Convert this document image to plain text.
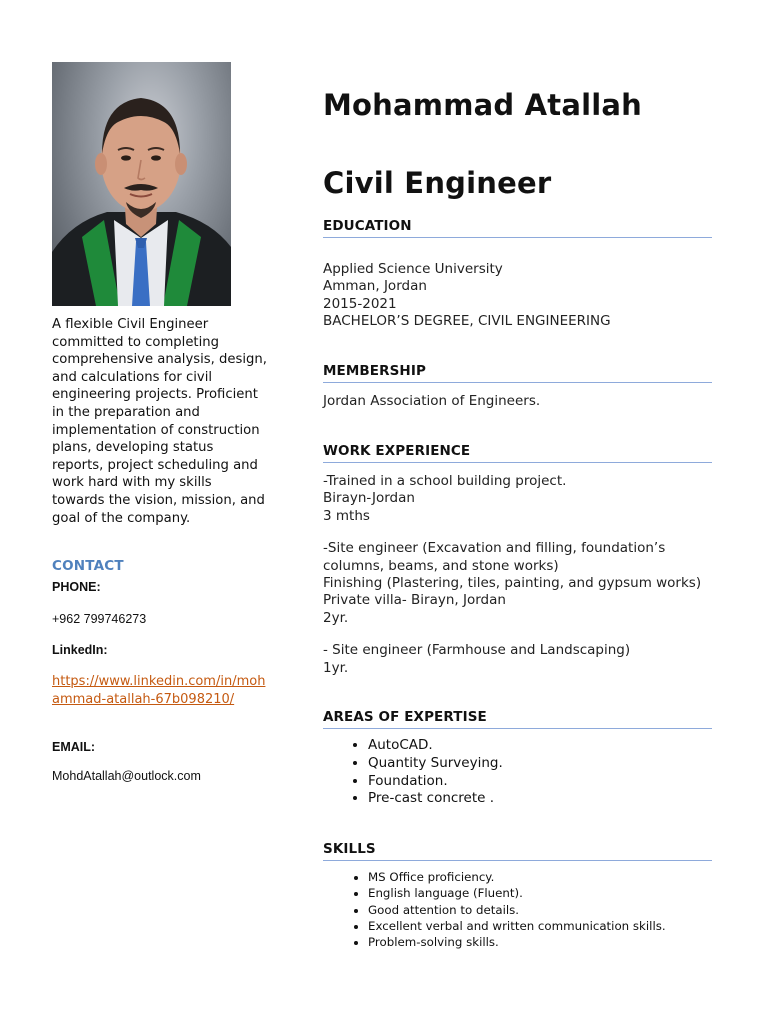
A flexible Civil Engineer committed to completing comprehensive analysis, design, and calculations for civil engineering projects. Proficient in the preparation and implementation of construction plans, developing status reports, project scheduling and work hard with my skills towards the vision, mission, and goal of the company.
CONTACT
PHONE:
+962 799746273
LinkedIn:
https://www.linkedin.com/in/moh
ammad-atallah-67b098210/
EMAIL:
MohdAtallah@outlock.com
Mohammad Atallah
Civil Engineer
EDUCATION
Applied Science University
Amman, Jordan
2015-2021
BACHELOR’S DEGREE, CIVIL ENGINEERING
MEMBERSHIP
Jordan Association of Engineers.
WORK EXPERIENCE
-Trained in a school building project.
Birayn-Jordan
3 mths
-Site engineer (Excavation and filling, foundation’s columns, beams, and stone works)
Finishing (Plastering, tiles, painting, and gypsum works)
Private villa- Birayn, Jordan
2yr.
- Site engineer (Farmhouse and Landscaping)
1yr.
AREAS OF EXPERTISE
• AutoCAD.
• Quantity Surveying.
• Foundation.
• Pre-cast concrete .
SKILLS
• MS Office proficiency.
• English language (Fluent).
• Good attention to details.
• Excellent verbal and written communication skills.
• Problem-solving skills.
